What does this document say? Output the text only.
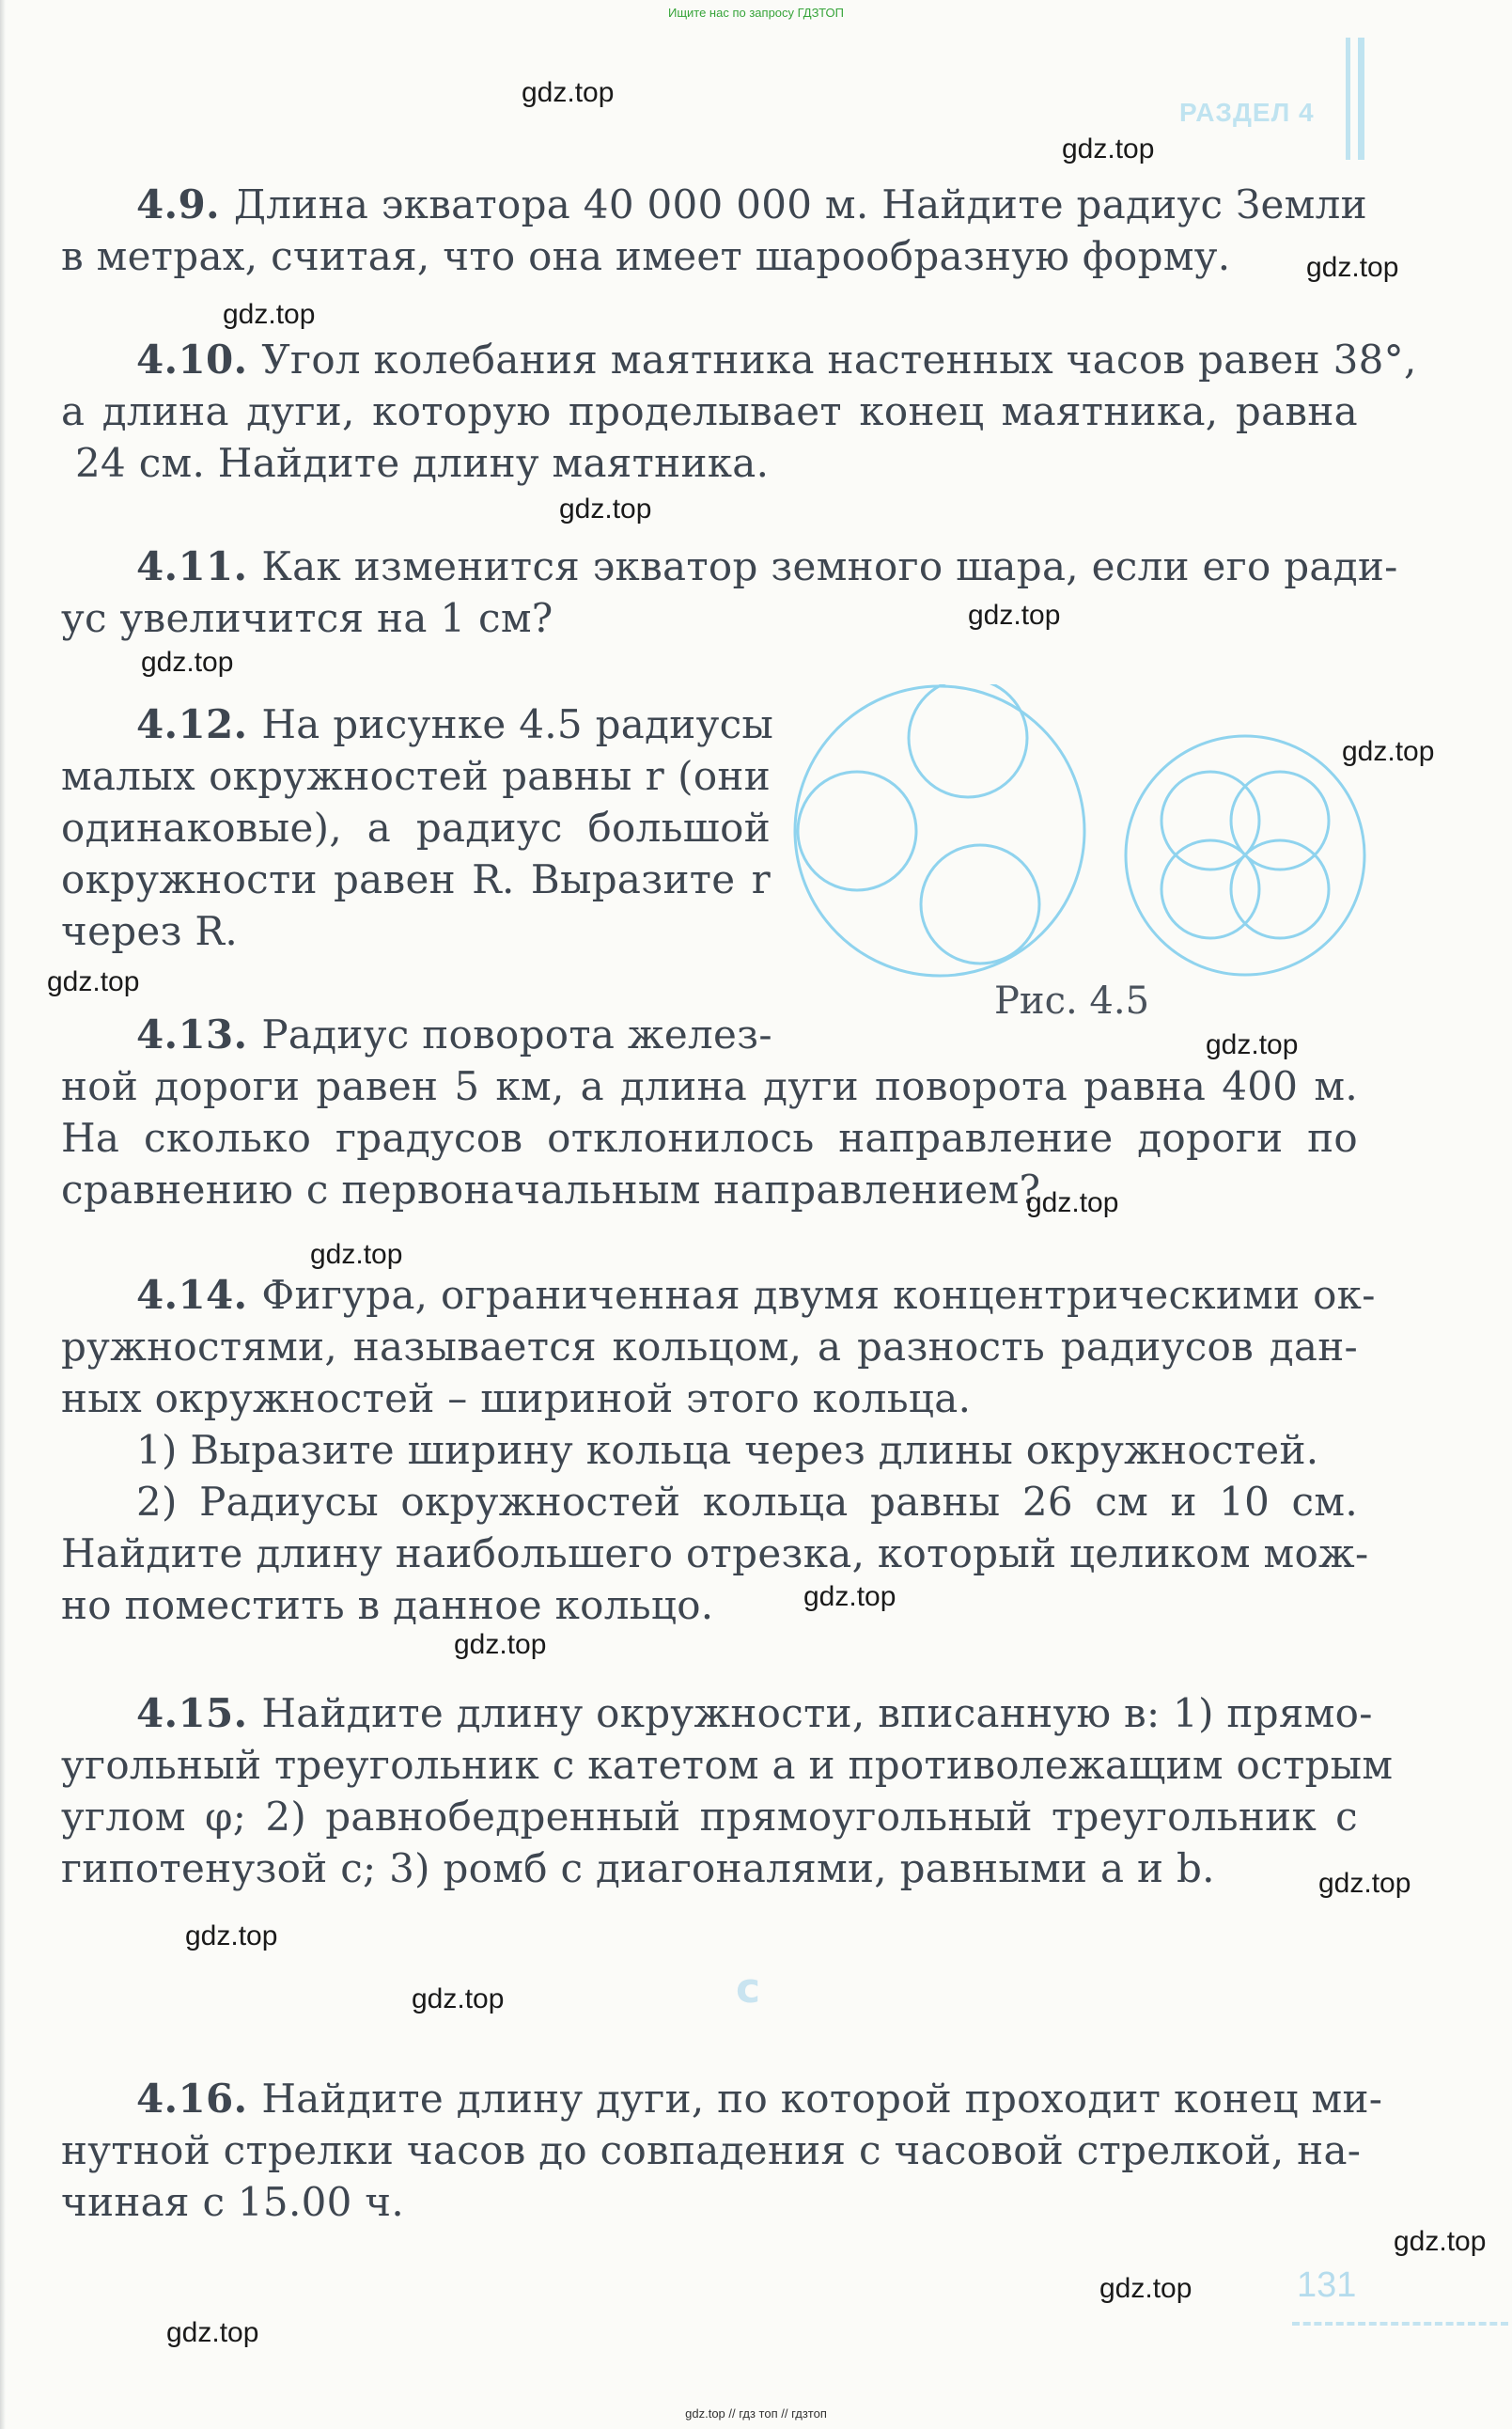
Ищите нас по запросу ГДЗТОП
РАЗДЕЛ 4
4.9. Длина экватора 40 000 000 м. Найдите радиус Земли
в метрах, считая, что она имеет шарообразную форму.
4.10. Угол колебания маятника настенных часов равен 38°,
а длина дуги, которую проделывает конец маятника, равна
24 см. Найдите длину маятника.
4.11. Как изменится экватор земного шара, если его ради-
ус увеличится на 1 см?
4.12. На рисунке 4.5 радиусы
малых окружностей равны r (они
одинаковые), а радиус большой
окружности равен R. Выразите r
через R.
4.13. Радиус поворота желез-
ной дороги равен 5 км, а длина дуги поворота равна 400 м.
На сколько градусов отклонилось направление дороги по
сравнению с первоначальным направлением?
4.14. Фигура, ограниченная двумя концентрическими ок-
ружностями, называется кольцом, а разность радиусов дан-
ных окружностей – шириной этого кольца.
1) Выразите ширину кольца через длины окружностей.
2) Радиусы окружностей кольца равны 26 см и 10 см.
Найдите длину наибольшего отрезка, который целиком мож-
но поместить в данное кольцо.
4.15. Найдите длину окружности, вписанную в: 1) прямо-
угольный треугольник с катетом a и противолежащим острым
углом φ; 2) равнобедренный прямоугольный треугольник с
гипотенузой с; 3) ромб с диагоналями, равными a и b.
4.16. Найдите длину дуги, по которой проходит конец ми-
нутной стрелки часов до совпадения с часовой стрелкой, на-
чиная с 15.00 ч.
Рис. 4.5
с
gdz.top
gdz.top
gdz.top
gdz.top
gdz.top
gdz.top
gdz.top
gdz.top
gdz.top
gdz.top
gdz.top
gdz.top
gdz.top
gdz.top
gdz.top
gdz.top
gdz.top
gdz.top
gdz.top
gdz.top
131
gdz.top // гдз топ // гдзтоп
